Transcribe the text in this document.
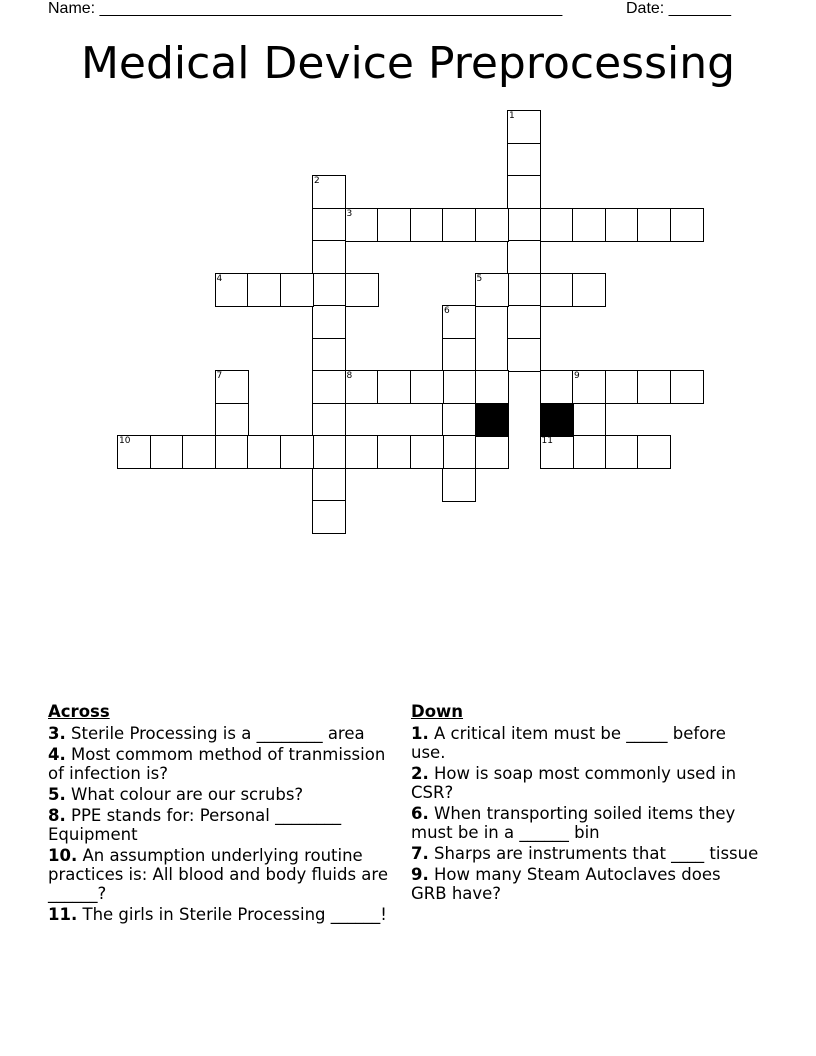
Name: ____________________________________________________	Date: _______
Medical Device Preprocessing
1
2
3
4	5
6
7	8	9
10	11
Across
3. Sterile Processing is a ________ area
4. Most commom method of tranmission of infection is?
5. What colour are our scrubs?
8. PPE stands for: Personal ________ Equipment
10. An assumption underlying routine practices is: All blood and body fluids are ______?
11. The girls in Sterile Processing ______!
Down
1. A critical item must be _____ before use.
2. How is soap most commonly used in CSR?
6. When transporting soiled items they must be in a ______ bin
7. Sharps are instruments that ____ tissue
9. How many Steam Autoclaves does GRB have?
